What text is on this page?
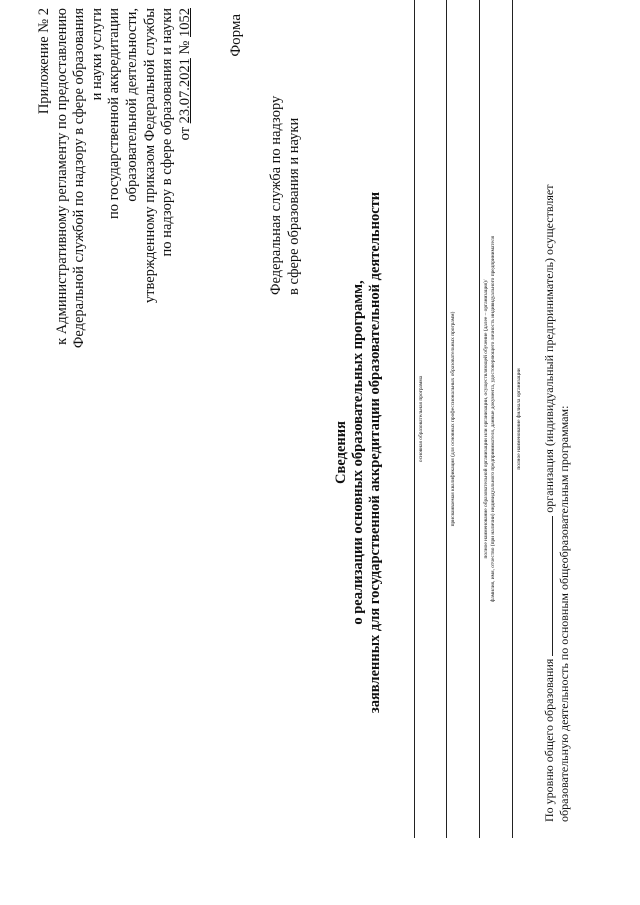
Приложение № 2 к Административному регламенту по предоставлению Федеральной службой по надзору в сфере образования и науки услуги по государственной аккредитации образовательной деятельности, утвержденному приказом Федеральной службы по надзору в сфере образования и науки от 23.07.2021 № 1052 Форма
Федеральная служба по надзору в сфере образования и науки
Сведения о реализации основных образовательных программ, заявленных для государственной аккредитации образовательной деятельности	основная образовательная программа	присваиваемая квалификация (для основных профессиональных образовательных программ)	полное наименование образовательной организации или организации, осуществляющей обучение (далее – организация)/ фамилия, имя, отчество (при наличии) индивидуального предпринимателя, данные документа, удостоверяющего личность индивидуального предпринимателя	полное наименование филиала организации
По уровню общего образования  организация (индивидуальный предприниматель) осуществляет
образовательную деятельность по основным общеобразовательным программам:
